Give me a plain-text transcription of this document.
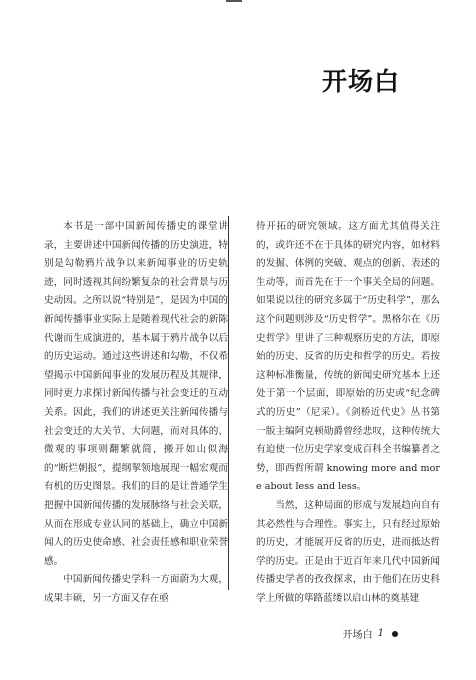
开场白

本书是一部中国新闻传播史的课堂讲录，主要讲述中国新闻传播的历史演进，特别是勾勒鸦片战争以来新闻事业的历史轨迹，同时透视其间纷繁复杂的社会背景与历史动因。之所以说“特别是”，是因为中国的新闻传播事业实际上是随着现代社会的新陈代谢而生成演进的，基本属于鸦片战争以后的历史运动。通过这些讲述和勾勒，不仅希望揭示中国新闻事业的发展历程及其规律，同时更力求探讨新闻传播与社会变迁的互动关系。因此，我们的讲述更关注新闻传播与社会变迁的大关节、大问题，而对具体的、微观的事项则翻繁就简，搬开如山似海的“断烂朝报”，提纲挈领地展现一幅宏观而有机的历史图景。我们的目的是让普通学生把握中国新闻传播的发展脉络与社会关联，从而在形成专业认同的基础上，确立中国新闻人的历史使命感、社会责任感和职业荣誉感。

中国新闻传播史学科一方面蔚为大观，成果丰硕，另一方面又存在亟

待开拓的研究领域。这方面尤其值得关注的，或许还不在于具体的研究内容，如材料的发掘、体例的突破、观点的创新、表述的生动等，而首先在于一个事关全局的问题。如果说以往的研究多属于“历史科学”，那么这个问题则涉及“历史哲学”。黑格尔在《历史哲学》里讲了三种观察历史的方法，即原始的历史、反省的历史和哲学的历史。若按这种标准衡量，传统的新闻史研究基本上还处于第一个层面，即原始的历史或“纪念碑式的历史”（尼采）。《剑桥近代史》丛书第一版主编阿克顿勋爵曾经悲叹，这种传统大有迫使一位历史学家变成百科全书编纂者之势，即西哲所谓 knowing more and more about less and less。

当然，这种局面的形成与发展趋向自有其必然性与合理性。事实上，只有经过原始的历史，才能展开反省的历史，进而抵达哲学的历史。正是由于近百年来几代中国新闻传播史学者的孜孜探求，由于他们在历史科学上所做的筚路蓝缕以启山林的奠基建

开场白 1
